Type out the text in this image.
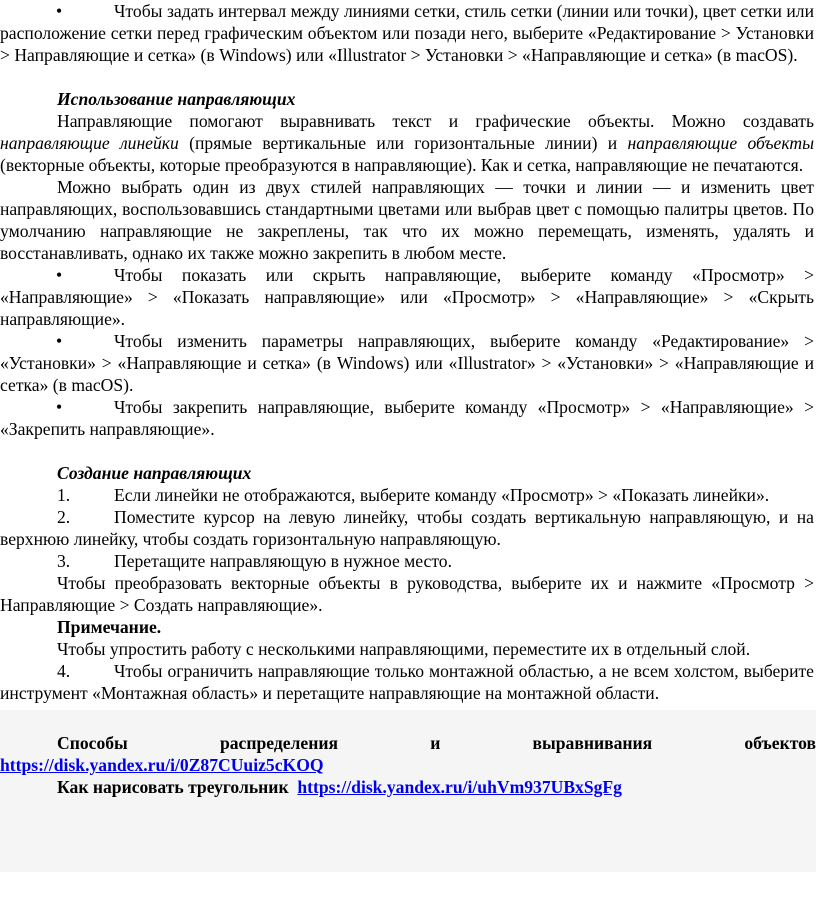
•	Чтобы задать интервал между линиями сетки, стиль сетки (линии или точки), цвет сетки или расположение сетки перед графическим объектом или позади него, выберите «Редактирование > Установки > Направляющие и сетка» (в Windows) или «Illustrator > Установки > «Направляющие и сетка» (в macOS).

Использование направляющих

Направляющие помогают выравнивать текст и графические объекты. Можно создавать направляющие линейки (прямые вертикальные или горизонтальные линии) и направляющие объекты (векторные объекты, которые преобразуются в направляющие). Как и сетка, направляющие не печатаются.

Можно выбрать один из двух стилей направляющих — точки и линии — и изменить цвет направляющих, воспользовавшись стандартными цветами или выбрав цвет с помощью палитры цветов. По умолчанию направляющие не закреплены, так что их можно перемещать, изменять, удалять и восстанавливать, однако их также можно закрепить в любом месте.

•	Чтобы показать или скрыть направляющие, выберите команду «Просмотр» > «Направляющие» > «Показать направляющие» или «Просмотр» > «Направляющие» > «Скрыть направляющие».

•	Чтобы изменить параметры направляющих, выберите команду «Редактирование» > «Установки» > «Направляющие и сетка» (в Windows) или «Illustrator» > «Установки» > «Направляющие и сетка» (в macOS).

•	Чтобы закрепить направляющие, выберите команду «Просмотр» > «Направляющие» > «Закрепить направляющие».

Создание направляющих

1. Если линейки не отображаются, выберите команду «Просмотр» > «Показать линейки».

2. Поместите курсор на левую линейку, чтобы создать вертикальную направляющую, и на верхнюю линейку, чтобы создать горизонтальную направляющую.

3. Перетащите направляющую в нужное место.

Чтобы преобразовать векторные объекты в руководства, выберите их и нажмите «Просмотр > Направляющие > Создать направляющие».

Примечание.

Чтобы упростить работу с несколькими направляющими, переместите их в отдельный слой.

4. Чтобы ограничить направляющие только монтажной областью, а не всем холстом, выберите инструмент «Монтажная область» и перетащите направляющие на монтажной области.

Способы распределения и выравнивания объектов

https://disk.yandex.ru/i/0Z87CUuiz5cKOQ

Как нарисовать треугольник https://disk.yandex.ru/i/uhVm937UBxSgFg
